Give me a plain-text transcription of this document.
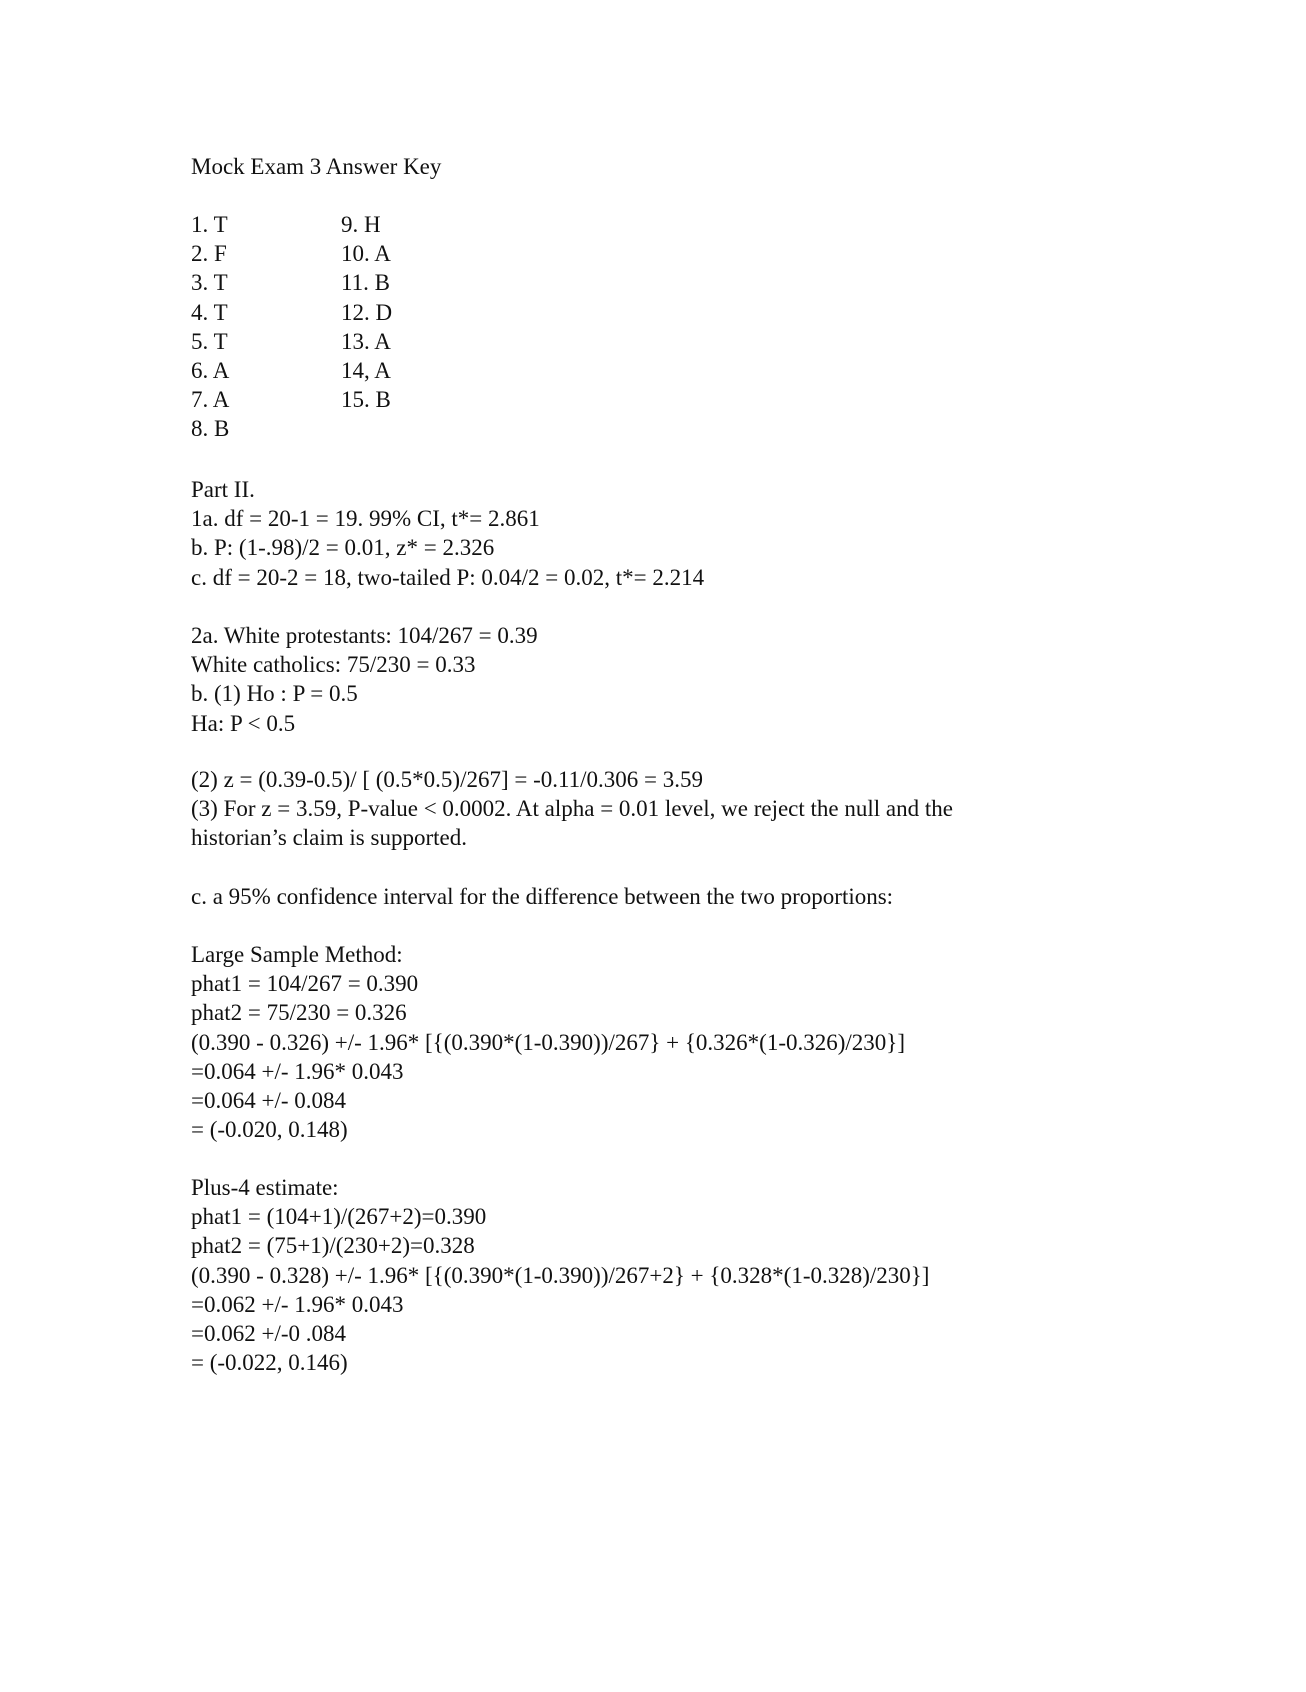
Mock Exam 3 Answer Key
1. T
2. F
3. T
4. T
5. T
6. A
7. A
8. B
9. H
10. A
11. B
12. D
13. A
14, A
15. B
Part II.
1a. df = 20-1 = 19. 99% CI, t*= 2.861
b. P: (1-.98)/2 = 0.01, z* = 2.326
c. df = 20-2 = 18, two-tailed P: 0.04/2 = 0.02, t*= 2.214
2a. White protestants: 104/267 = 0.39
White catholics: 75/230 = 0.33
b. (1) Ho : P = 0.5
Ha: P < 0.5
(2) z = (0.39-0.5)/ [ (0.5*0.5)/267] = -0.11/0.306 = 3.59
(3) For z = 3.59, P-value < 0.0002. At alpha = 0.01 level, we reject the null and the
historian’s claim is supported.
c. a 95% confidence interval for the difference between the two proportions:
Large Sample Method:
phat1 = 104/267 = 0.390
phat2 = 75/230 = 0.326
(0.390 - 0.326) +/- 1.96* [{(0.390*(1-0.390))/267} + {0.326*(1-0.326)/230}]
=0.064 +/- 1.96* 0.043
=0.064 +/- 0.084
= (-0.020, 0.148)
Plus-4 estimate:
phat1 = (104+1)/(267+2)=0.390
phat2 = (75+1)/(230+2)=0.328
(0.390 - 0.328) +/- 1.96* [{(0.390*(1-0.390))/267+2} + {0.328*(1-0.328)/230}]
=0.062 +/- 1.96* 0.043
=0.062 +/-0 .084
= (-0.022, 0.146)
